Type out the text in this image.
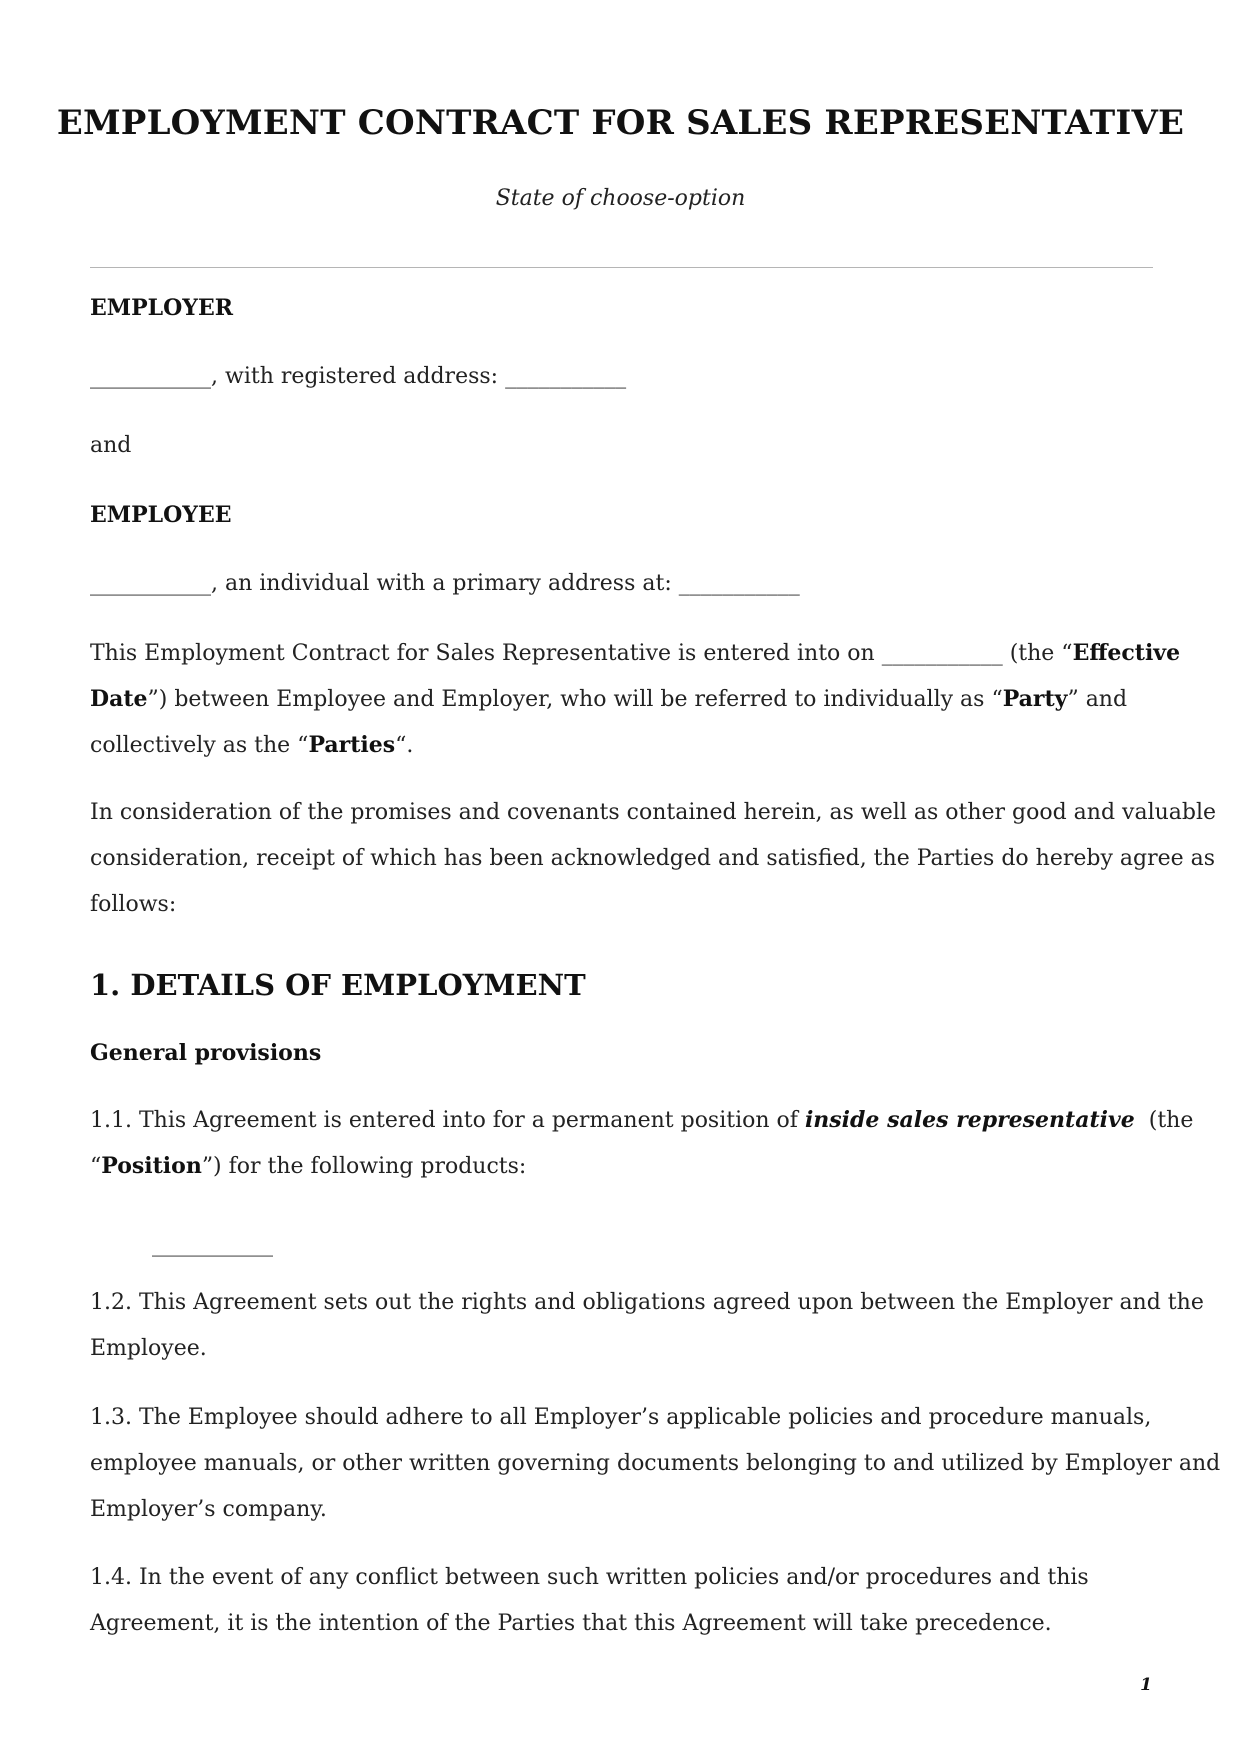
EMPLOYMENT CONTRACT FOR SALES REPRESENTATIVE

State of choose-option

EMPLOYER

___________, with registered address: ___________

and

EMPLOYEE

___________, an individual with a primary address at: ___________

This Employment Contract for Sales Representative is entered into on ___________ (the “Effective

Date”) between Employee and Employer, who will be referred to individually as “Party” and

collectively as the “Parties“.

In consideration of the promises and covenants contained herein, as well as other good and valuable

consideration, receipt of which has been acknowledged and satisfied, the Parties do hereby agree as

follows:

1. DETAILS OF EMPLOYMENT

General provisions

1.1. This Agreement is entered into for a permanent position of inside sales representative  (the

“Position”) for the following products:

___________

1.2. This Agreement sets out the rights and obligations agreed upon between the Employer and the

Employee.

1.3. The Employee should adhere to all Employer’s applicable policies and procedure manuals,

employee manuals, or other written governing documents belonging to and utilized by Employer and

Employer’s company.

1.4. In the event of any conflict between such written policies and/or procedures and this

Agreement, it is the intention of the Parties that this Agreement will take precedence.

1
